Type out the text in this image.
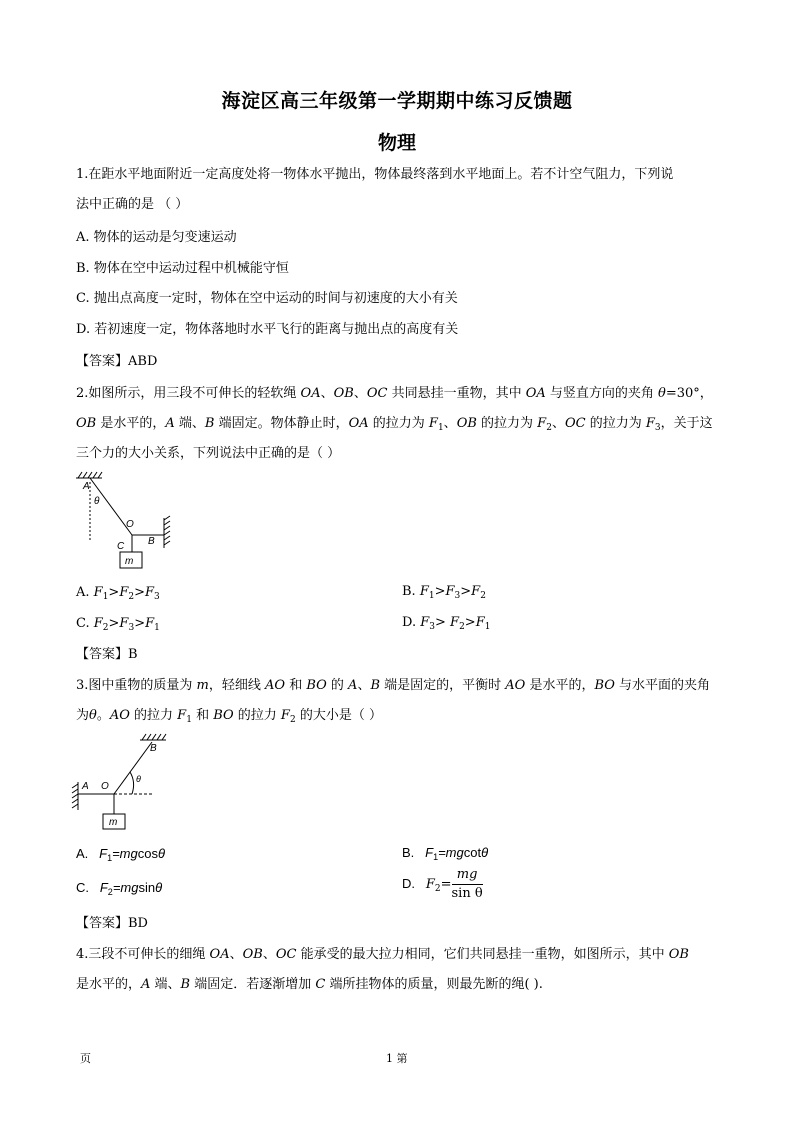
海淀区高三年级第一学期期中练习反馈题
物理
1.在距水平地面附近一定高度处将一物体水平抛出，物体最终落到水平地面上。若不计空气阻力，下列说
法中正确的是 （ ）
A. 物体的运动是匀变速运动
B. 物体在空中运动过程中机械能守恒
C. 抛出点高度一定时，物体在空中运动的时间与初速度的大小有关
D. 若初速度一定，物体落地时水平飞行的距离与抛出点的高度有关
【答案】ABD
2.如图所示，用三段不可伸长的轻软绳 OA、OB、OC 共同悬挂一重物，其中 OA 与竖直方向的夹角 θ=30°，
OB 是水平的，A 端、B 端固定。物体静止时，OA 的拉力为 $F_1$、OB 的拉力为 $F_2$、OC 的拉力为 $F_3$，关于这
三个力的大小关系，下列说法中正确的是（ ）
A
θ
O
C B
m
A. $F_1>F_2>F_3$	B. $F_1>F_3>F_2$
C. $F_2>F_3>F_1$	D. $F_3> F_2>F_1$
【答案】B
3.图中重物的质量为 m，轻细线 AO 和 BO 的 A、B 端是固定的，平衡时 AO 是水平的，BO 与水平面的夹角
为θ。AO 的拉力 $F_1$ 和 BO 的拉力 $F_2$ 的大小是（ ）
B
A O
θ
m
A.   $F_1=mgcos\theta$	B.   $F_1=mgcot\theta$
C.   $F_2=mgsin\theta$	D.   $F_2= \frac{mg}{\text{sin θ}}$
【答案】BD
4.三段不可伸长的细绳 OA、OB、OC 能承受的最大拉力相同，它们共同悬挂一重物，如图所示，其中 OB
是水平的，A 端、B 端固定．若逐渐增加 C 端所挂物体的质量，则最先断的绳( ).
页	1 第
